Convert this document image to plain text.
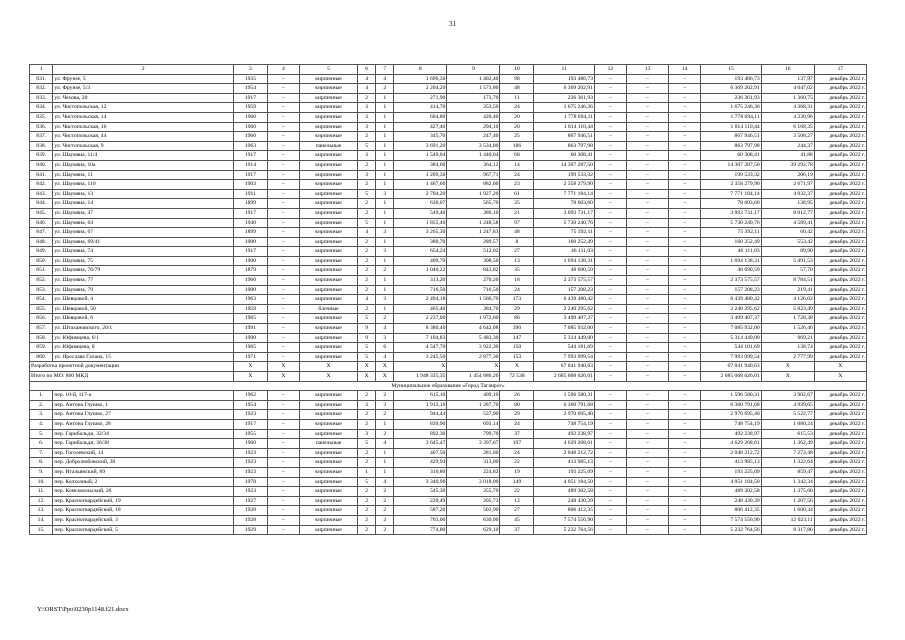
31
1	2	3	4	5	6	7	8	9	10	11	12	13	14	15	16	17
831.	ул. Фрунзе, 5	1935	–	кирпичные	4	4	1 696,30	1 402,40	98	193 486,73	–	–	–	193 486,73	137,97	декабрь 2022 г.
832.	ул. Фрунзе, 5/3	1954	–	кирпичные	4	2	2 204,20	1 573,80	48	6 369 202,91	–	–	–	6 369 202,91	4 047,02	декабрь 2022 г.
833.	ул. Чехова, 20	1917	–	кирпичные	2	1	271,90	173,70	11	236 361,93	–	–	–	236 361,93	1 360,75	декабрь 2022 г.
834.	ул. Чистопольская, 12	1959	–	кирпичные	3	1	414,70	353,50	24	1 675 246,36	–	–	–	1 675 246,36	4 368,31	декабрь 2022 г.
835.	ул. Чистопольская, 14	1960	–	кирпичные	3	1	604,80	420,40	20	1 778 694,11	–	–	–	1 778 694,11	4 230,96	декабрь 2022 г.
836.	ул. Чистопольская, 16	1960	–	кирпичные	3	1	427,40	294,10	20	1 814 110,44	–	–	–	1 814 110,44	6 168,35	декабрь 2022 г.
837.	ул. Чистопольская, 44	1960	–	кирпичные	2	1	345,70	247,40	25	867 946,51	–	–	–	867 946,51	3 508,27	декабрь 2022 г.
838.	ул. Чистопольская, 9	1963	–	панельные	5	1	3 691,20	3 534,80	186	863 797,98	–	–	–	863 797,98	244,37	декабрь 2022 г.
839.	ул. Шаумяна, 11/4	1917	–	кирпичные	3	1	1 549,04	1 440,04	68	60 308,41	–	–	–	60 308,41	41,88	декабрь 2022 г.
840.	ул. Шаумяна, 10а	1914	–	кирпичные	2	1	384,60	364,12	14	14 307 287,50	–	–	–	14 307 287,50	39 292,78	декабрь 2022 г.
841.	ул. Шаумяна, 11	1917	–	кирпичные	3	1	1 209,30	967,71	24	199 533,32	–	–	–	199 533,32	206,19	декабрь 2022 г.
842.	ул. Шаумяна, 110	1903	–	кирпичные	2	1	1 467,60	882,60	23	2 358 279,90	–	–	–	2 358 279,90	2 671,97	декабрь 2022 г.
843.	ул. Шаумяна, 13	1911	–	кирпичные	5	3	2 704,20	1 927,20	61	7 771 184,14	–	–	–	7 771 184,14	4 032,37	декабрь 2022 г.
844.	ул. Шаумяна, 14	1899	–	кирпичные	2	1	630,07	565,70	35	78 603,60	–	–	–	78 603,60	138,95	декабрь 2022 г.
845.	ул. Шаумяна, 47	1917	–	кирпичные	2	1	549,40	386,10	21	3 093 731,17	–	–	–	3 093 731,17	8 012,77	декабрь 2022 г.
846.	ул. Шаумяна, 64	1940	–	кирпичные	5	1	1 855,40	1 248,58	97	5 730 240,76	–	–	–	5 730 240,76	4 589,41	декабрь 2022 г.
847.	ул. Шаумяна, 67	1899	–	кирпичные	4	3	3 265,30	1 247,83	48	75 392,11	–	–	–	75 392,11	60,42	декабрь 2022 г.
848.	ул. Шаумяна, 69/41	1900	–	кирпичные	2	1	380,70	289,57	8	160 252,49	–	–	–	160 252,49	553,42	декабрь 2022 г.
849.	ул. Шаумяна, 74	1917	–	кирпичные	2	3	654,24	512,02	27	46 111,03	–	–	–	46 111,03	89,90	декабрь 2022 г.
850.	ул. Шаумяна, 75	1900	–	кирпичные	2	1	409,70	308,50	13	1 694 138,31	–	–	–	1 694 138,31	5 491,53	декабрь 2022 г.
851.	ул. Шаумяна, 76/79	1879	–	кирпичные	2	2	1 040,22	843,82	35	48 690,59	–	–	–	48 690,59	57,70	декабрь 2022 г.
852.	ул. Шаумяна, 77	1960	–	кирпичные	2	1	313,20	270,20	18	2 373 575,57	–	–	–	2 373 575,57	8 784,51	декабрь 2022 г.
853.	ул. Шаумяна, 79	1900	–	кирпичные	2	1	716,50	716,50	24	157 208,23	–	–	–	157 208,23	219,41	декабрь 2022 г.
854.	ул. Шевцовой, 4	1963	–	кирпичные	4	3	2 494,18	1 560,70	173	6 439 480,42	–	–	–	6 439 480,42	4 126,02	декабрь 2022 г.
855.	ул. Шевцовой, 50	1959	–	блочные	2	1	465,40	384,70	29	2 240 295,62	–	–	–	2 240 295,62	5 823,49	декабрь 2022 г.
856.	ул. Шевцовой, 6	1965	–	кирпичные	5	2	2 237,00	1 972,60	86	3 409 407,37	–	–	–	3 409 407,37	1 728,38	декабрь 2022 г.
857.	ул. Штахановского, 20/1	1991	–	кирпичные	9	4	8 380,40	4 642,08	390	7 085 932,00	–	–	–	7 085 932,00	1 526,46	декабрь 2022 г.
858.	ул. Юфимцева, 6/1	1990	–	кирпичные	9	3	7 104,83	5 483,30	147	5 314 449,00	–	–	–	5 314 449,00	969,21	декабрь 2022 г.
859.	ул. Юфимцева, 8	1965	–	кирпичные	5	6	4 547,70	3 922,30	150	544 181,69	–	–	–	544 181,69	138,74	декабрь 2022 г.
860.	ул. Ярослава Галана, 15	1971	–	кирпичные	5	4	3 245,50	2 877,30	153	7 993 099,54	–	–	–	7 993 099,54	2 777,99	декабрь 2022 г.
Разработка проектной документации		X	X	X	X	X	X	X	X	67 041 940,63	–	–	–	67 041 940,63	X	X
Итого по МО: 860 МКД		X	X	X	X	X	1 948 335,35	1 454 886,26	72 538	2 685 068 626,01	–	–	–	2 685 068 626,01	X	X
Муниципальное образование «Город Таганрог»																
1.	пер. 10-й, 117-а	1962	–	кирпичные	2	2	615,10	409,10	26	1 596 580,31	–	–	–	1 596 580,31	3 902,67	декабрь 2022 г.
2.	пер. Антона Глушко, 1	1954	–	кирпичные	3	3	1 913,10	1 287,70	80	6 360 791,68	–	–	–	6 360 791,68	4 939,65	декабрь 2022 г.
3.	пер. Антона Глушко, 27	1923	–	кирпичные	2	2	944,44	537,90	29	2 970 695,40	–	–	–	2 970 695,40	5 522,77	декабрь 2022 г.
4.	пер. Антона Глушко, 28	1917	–	кирпичные	2	1	839,90	693,14	24	748 754,19	–	–	–	748 754,19	1 080,24	декабрь 2022 г.
5.	пер. Гарибальди, 32/34	1955	–	кирпичные	3	2	892,30	799,70	37	492 238,97	–	–	–	492 238,97	615,53	декабрь 2022 г.
6.	пер. Гарибальди, 36/38	1960	–	панельные	5	4	3 645,47	3 397,67	197	4 629 268,61	–	–	–	4 629 268,61	1 362,49	декабрь 2022 г.
7.	пер. Гоголевский, 14	1923	–	кирпичные	2	1	407,50	281,60	24	2 048 212,72	–	–	–	2 048 212,72	7 273,48	декабрь 2022 г.
8.	пер. Добролюбовский, 38	1923	–	кирпичные	2	1	429,94	313,00	22	413 985,13	–	–	–	413 985,13	1 322,64	декабрь 2022 г.
9.	пер. Итальянский, 89	1923	–	кирпичные	1	1	310,80	224,82	19	193 225,09	–	–	–	193 225,09	859,47	декабрь 2022 г.
10.	пер. Колхозный, 2	1978	–	кирпичные	5	4	3 340,90	3 018,00	149	4 051 184,50	–	–	–	4 051 184,50	1 342,34	декабрь 2022 г.
11.	пер. Комсомольский, 20	1923	–	кирпичные	2	2	545,30	355,70	22	489 302,58	–	–	–	489 302,58	1 375,60	декабрь 2022 г.
12.	пер. Красногвардейский, 19	1927	–	кирпичные	2	2	220,49	205,73	12	248 430,39	–	–	–	248 430,39	1 207,56	декабрь 2022 г.
13.	пер. Красногвардейский, 18	1928	–	кирпичные	2	2	587,20	503,90	27	806 412,35	–	–	–	806 412,35	1 600,34	декабрь 2022 г.
14.	пер. Красногвардейский, 3	1928	–	кирпичные	2	2	763,00	630,00	45	7 574 556,90	–	–	–	7 574 556,90	12 023,11	декабрь 2022 г.
15.	пер. Красногвардейский, 5	1929	–	кирпичные	2	2	774,80	629,10	37	5 232 764,56	–	–	–	5 232 764,56	8 317,86	декабрь 2022 г.
Y:\ORST\Ppo\0230p1148.f21.docx
